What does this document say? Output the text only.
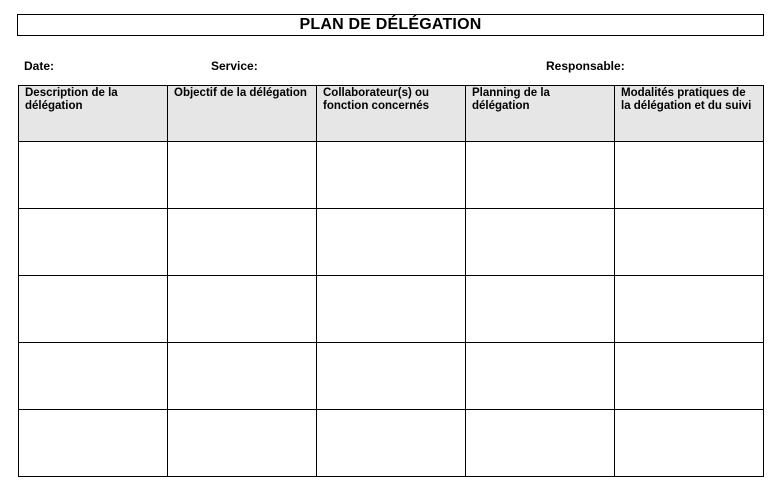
PLAN DE DÉLÉGATION
Date:	Service:	Responsable:
Description de la délégation	Objectif de la délégation	Collaborateur(s) ou fonction concernés	Planning de la délégation	Modalités pratiques de la délégation et du suivi
